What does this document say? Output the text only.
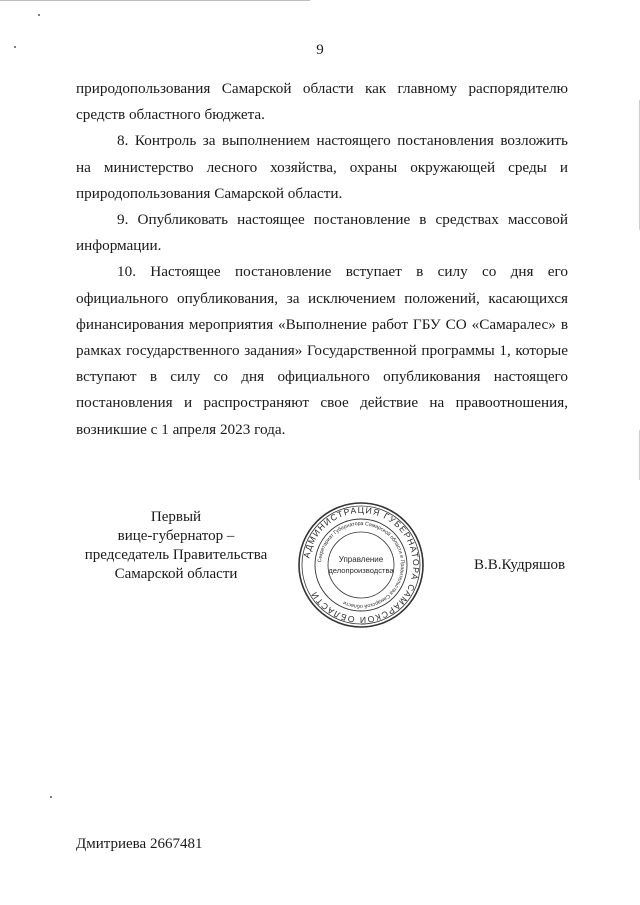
9

природопользования Самарской области как главному распорядителю средств областного бюджета.

8. Контроль за выполнением настоящего постановления возложить на министерство лесного хозяйства, охраны окружающей среды и природопользования Самарской области.

9. Опубликовать настоящее постановление в средствах массовой информации.

10. Настоящее постановление вступает в силу со дня его официального опубликования, за исключением положений, касающихся финансирования мероприятия «Выполнение работ ГБУ СО «Самаралес» в рамках государственного задания» Государственной программы 1, которые вступают в силу со дня официального опубликования настоящего постановления и распространяют свое действие на правоотношения, возникшие с 1 апреля 2023 года.

Первый
вице-губернатор –
председатель Правительства
Самарской области
АДМИНИСТРАЦИЯ ГУБЕРНАТОРА САМАРСКОЙ ОБЛАСТИ
Секретариат Губернатора Самарской области и Правительства Самарской области
Управление
делопроизводства	В.В.Кудряшов
Дмитриева 2667481
